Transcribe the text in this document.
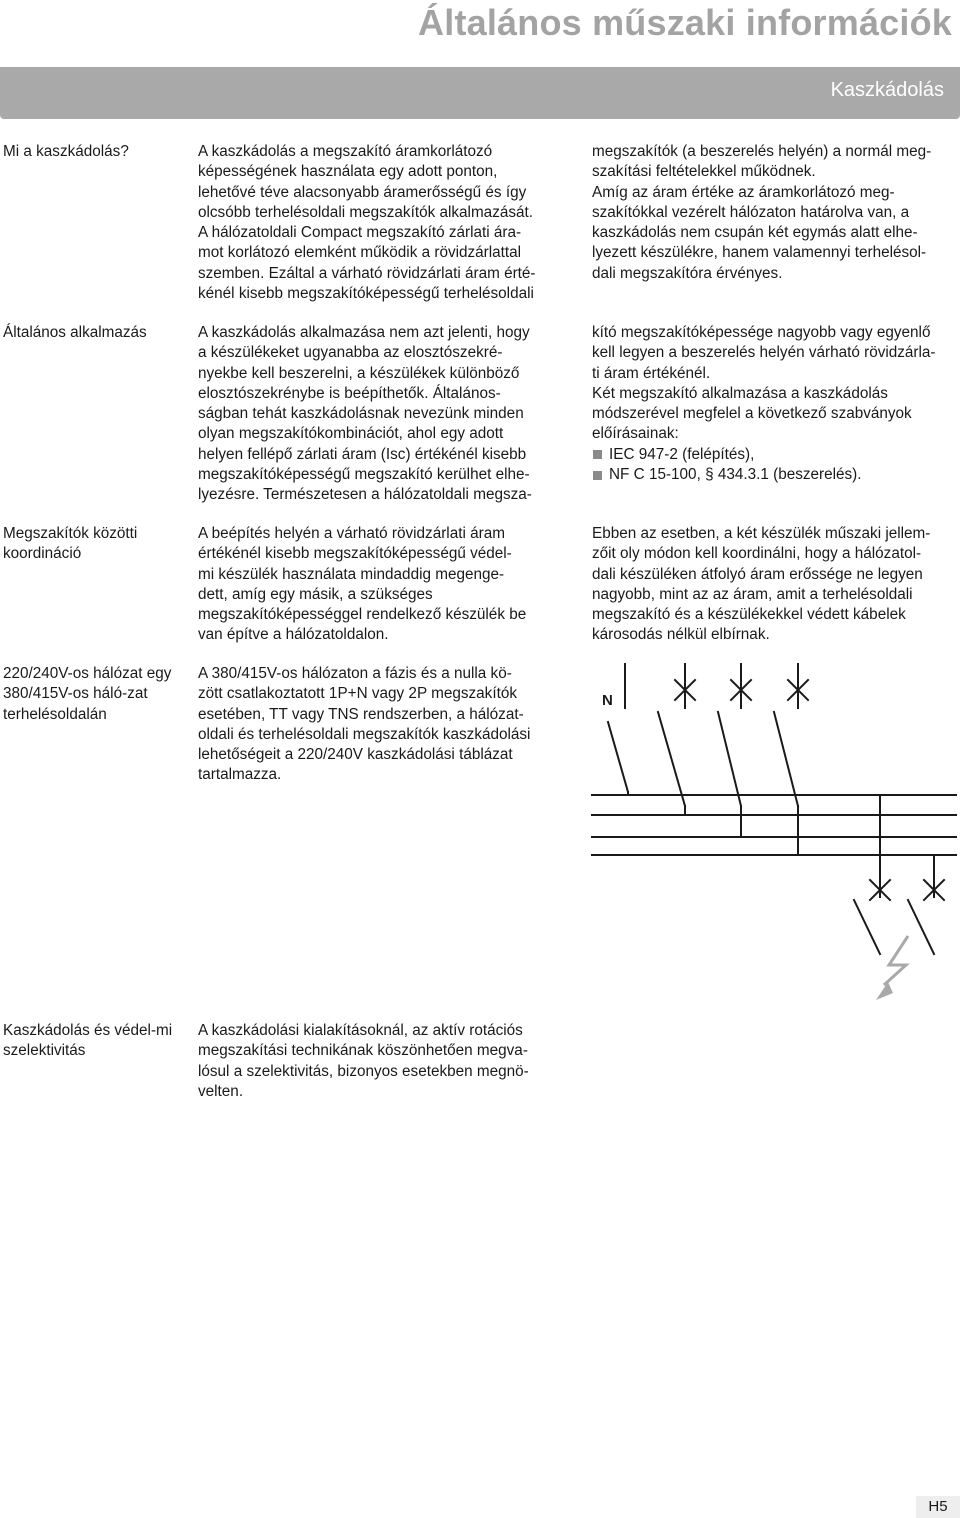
Általános műszaki információk
Kaszkádolás
Mi a kaszkádolás?	A kaszkádolás a megszakító áramkorlátozó
képességének használata egy adott ponton,
lehetővé téve alacsonyabb áramerősségű és így
olcsóbb terhelésoldali megszakítók alkalmazását.
A hálózatoldali Compact megszakító zárlati ára-
mot korlátozó elemként működik a rövidzárlattal
szemben. Ezáltal a várható rövidzárlati áram érté-
kénél kisebb megszakítóképességű terhelésoldali
megszakítók (a beszerelés helyén) a normál meg-
szakítási feltételekkel működnek.
Amíg az áram értéke az áramkorlátozó meg-
szakítókkal vezérelt hálózaton határolva van, a
kaszkádolás nem csupán két egymás alatt elhe-
lyezett készülékre, hanem valamennyi terhelésol-
dali megszakítóra érvényes.
Általános alkalmazás	A kaszkádolás alkalmazása nem azt jelenti, hogy
a készülékeket ugyanabba az elosztószekré-
nyekbe kell beszerelni, a készülékek különböző
elosztószekrénybe is beépíthetők. Általános-
ságban tehát kaszkádolásnak nevezünk minden
olyan megszakítókombinációt, ahol egy adott
helyen fellépő zárlati áram (Isc) értékénél kisebb
megszakítóképességű megszakító kerülhet elhe-
lyezésre. Természetesen a hálózatoldali megsza-
kító megszakítóképessége nagyobb vagy egyenlő
kell legyen a beszerelés helyén várható rövidzárla-
ti áram értékénél.
Két megszakító alkalmazása a kaszkádolás
módszerével megfelel a következő szabványok
előírásainak:
IEC 947-2 (felépítés),
NF C 15-100, § 434.3.1 (beszerelés).
Megszakítók közötti koordináció
A beépítés helyén a várható rövidzárlati áram
értékénél kisebb megszakítóképességű védel-
mi készülék használata mindaddig megenge-
dett, amíg egy másik, a szükséges
megszakítóképességgel rendelkező készülék be
van építve a hálózatoldalon.
Ebben az esetben, a két készülék műszaki jellem-
zőit oly módon kell koordinálni, hogy a hálózatol-
dali készüléken átfolyó áram erőssége ne legyen
nagyobb, mint az az áram, amit a terhelésoldali
megszakító és a készülékekkel védett kábelek
károsodás nélkül elbírnak.
220/240V-os hálózat egy 380/415V-os háló-zat terhelésoldalán
A 380/415V-os hálózaton a fázis és a nulla kö-
zött csatlakoztatott 1P+N vagy 2P megszakítók
esetében, TT vagy TNS rendszerben, a hálózat-
oldali és terhelésoldali megszakítók kaszkádolási
lehetőségeit a 220/240V kaszkádolási táblázat
tartalmazza.
N
Kaszkádolás és védel-mi szelektivitás
A kaszkádolási kialakításoknál, az aktív rotációs
megszakítási technikának köszönhetően megva-
lósul a szelektivitás, bizonyos esetekben megnö-
velten.
H5
